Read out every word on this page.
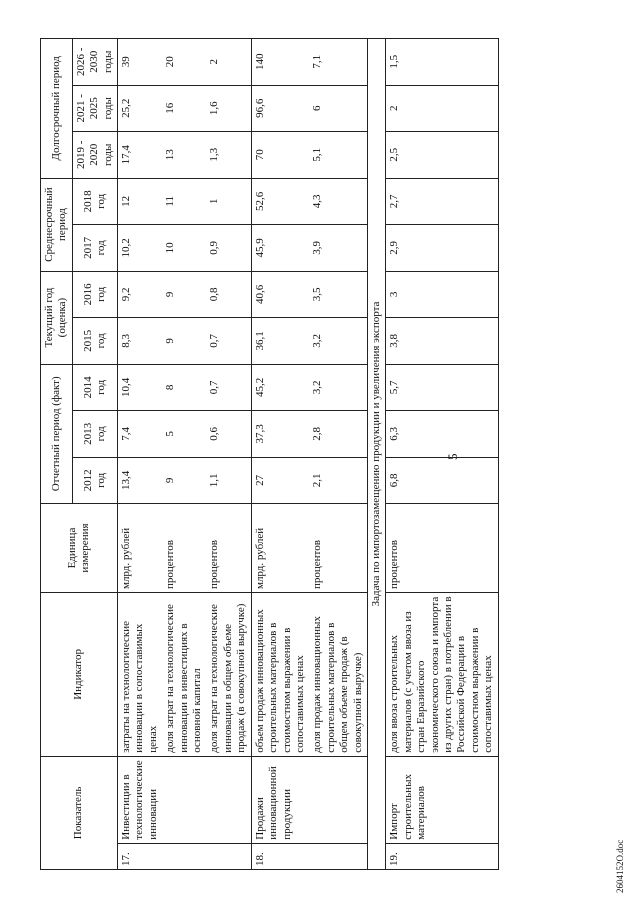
5
Показатель		Индикатор	Единица измерения	Отчетный период (факт)			Текущий год (оценка)		Среднесрочный период		Долгосрочный период		
				2012 год	2013 год	2014 год	2015 год	2016 год	2017 год	2018 год	2019 - 2020 годы	2021 - 2025 годы	2026 - 2030 годы
17.	Инвестиции в технологические инновации	затраты на технологические инновации в сопоставимых ценах	млрд. рублей	13,4	7,4	10,4	8,3	9,2	10,2	12	17,4	25,2	39
		доля затрат на технологические инновации в инвестициях в основной капитал	процентов	9	5	8	9	9	10	11	13	16	20
		доля затрат на технологические инновации в общем объеме продаж (в совокупной выручке)	процентов	1,1	0,6	0,7	0,7	0,8	0,9	1	1,3	1,6	2
18.	Продажи инновационной продукции	объем продаж инновационных строительных материалов в стоимостном выражении в сопоставимых ценах	млрд. рублей	27	37,3	45,2	36,1	40,6	45,9	52,6	70	96,6	140
		доля продаж инновационных строительных материалов в общем объеме продаж (в совокупной выручке)	процентов	2,1	2,8	3,2	3,2	3,5	3,9	4,3	5,1	6	7,1
Задача по импортозамещению продукции и увеличения экспорта													
19.	Импорт строительных материалов	доля ввоза строительных материалов (с учетом ввоза из стран Евразийского экономического союза и импорта из других стран) в потреблении в Российской Федерации в стоимостном выражении в сопоставимых ценах	процентов	6,8	6,3	5,7	3,8	3	2,9	2,7	2,5	2	1,5
2604152O.doc
